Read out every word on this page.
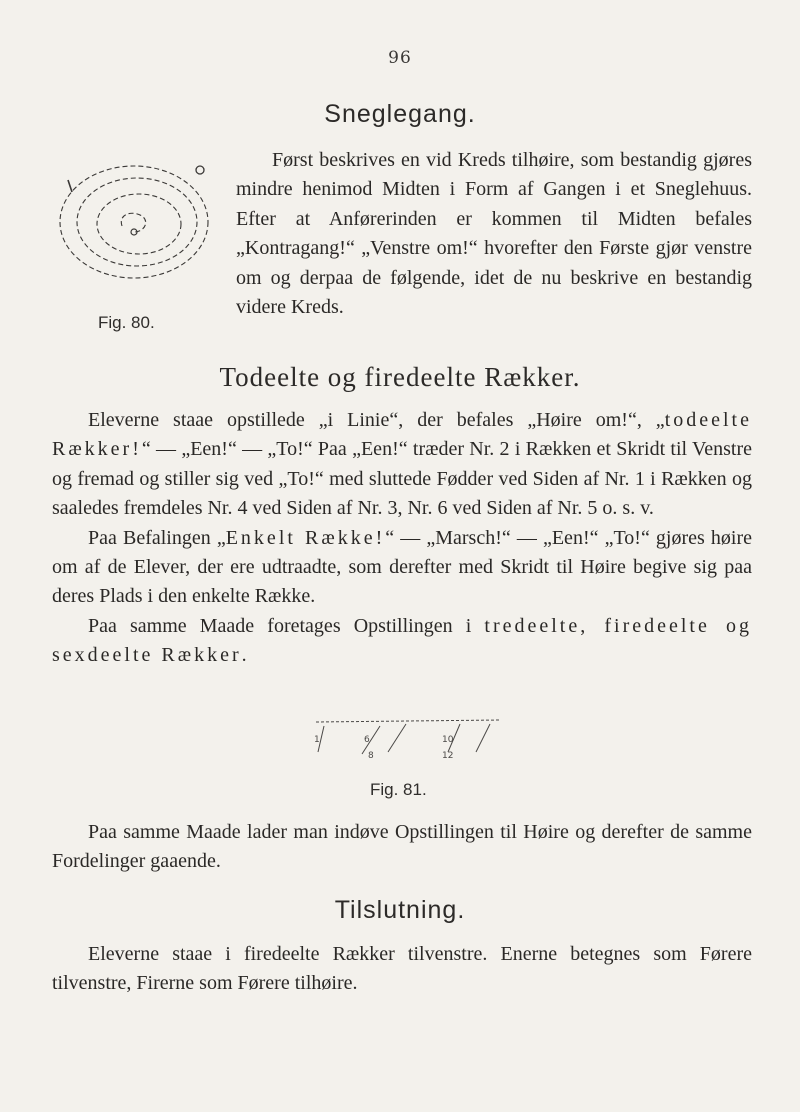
96
Sneglegang.
Fig. 80.

Først beskrives en vid Kreds tilhøire, som bestandig gjøres mindre henimod Midten i Form af Gangen i et Sneglehuus. Efter at Anførerinden er kommen til Midten befales „Kontragang!“ „Venstre om!“ hvorefter den Første gjør venstre om og derpaa de følgende, idet de nu beskrive en bestandig videre Kreds.

Todeelte og firedeelte Rækker.

Eleverne staae opstillede „i Linie“, der befales „Høire om!“, „todeelte Rækker!“ — „Een!“ — „To!“ Paa „Een!“ træder Nr. 2 i Rækken et Skridt til Venstre og fremad og stiller sig ved „To!“ med sluttede Fødder ved Siden af Nr. 1 i Rækken og saaledes fremdeles Nr. 4 ved Siden af Nr. 3, Nr. 6 ved Siden af Nr. 5 o. s. v.

Paa Befalingen „Enkelt Række!“ — „Marsch!“ — „Een!“ „To!“ gjøres høire om af de Elever, der ere udtraadte, som derefter med Skridt til Høire begive sig paa deres Plads i den enkelte Række.

Paa samme Maade foretages Opstillingen i tredeelte, firedeelte og sexdeelte Rækker.

1	6
8
10
12
Fig. 81.

Paa samme Maade lader man indøve Opstillingen til Høire og derefter de samme Fordelinger gaaende.

Tilslutning.

Eleverne staae i firedeelte Rækker tilvenstre. Enerne betegnes som Førere tilvenstre, Firerne som Førere tilhøire.
